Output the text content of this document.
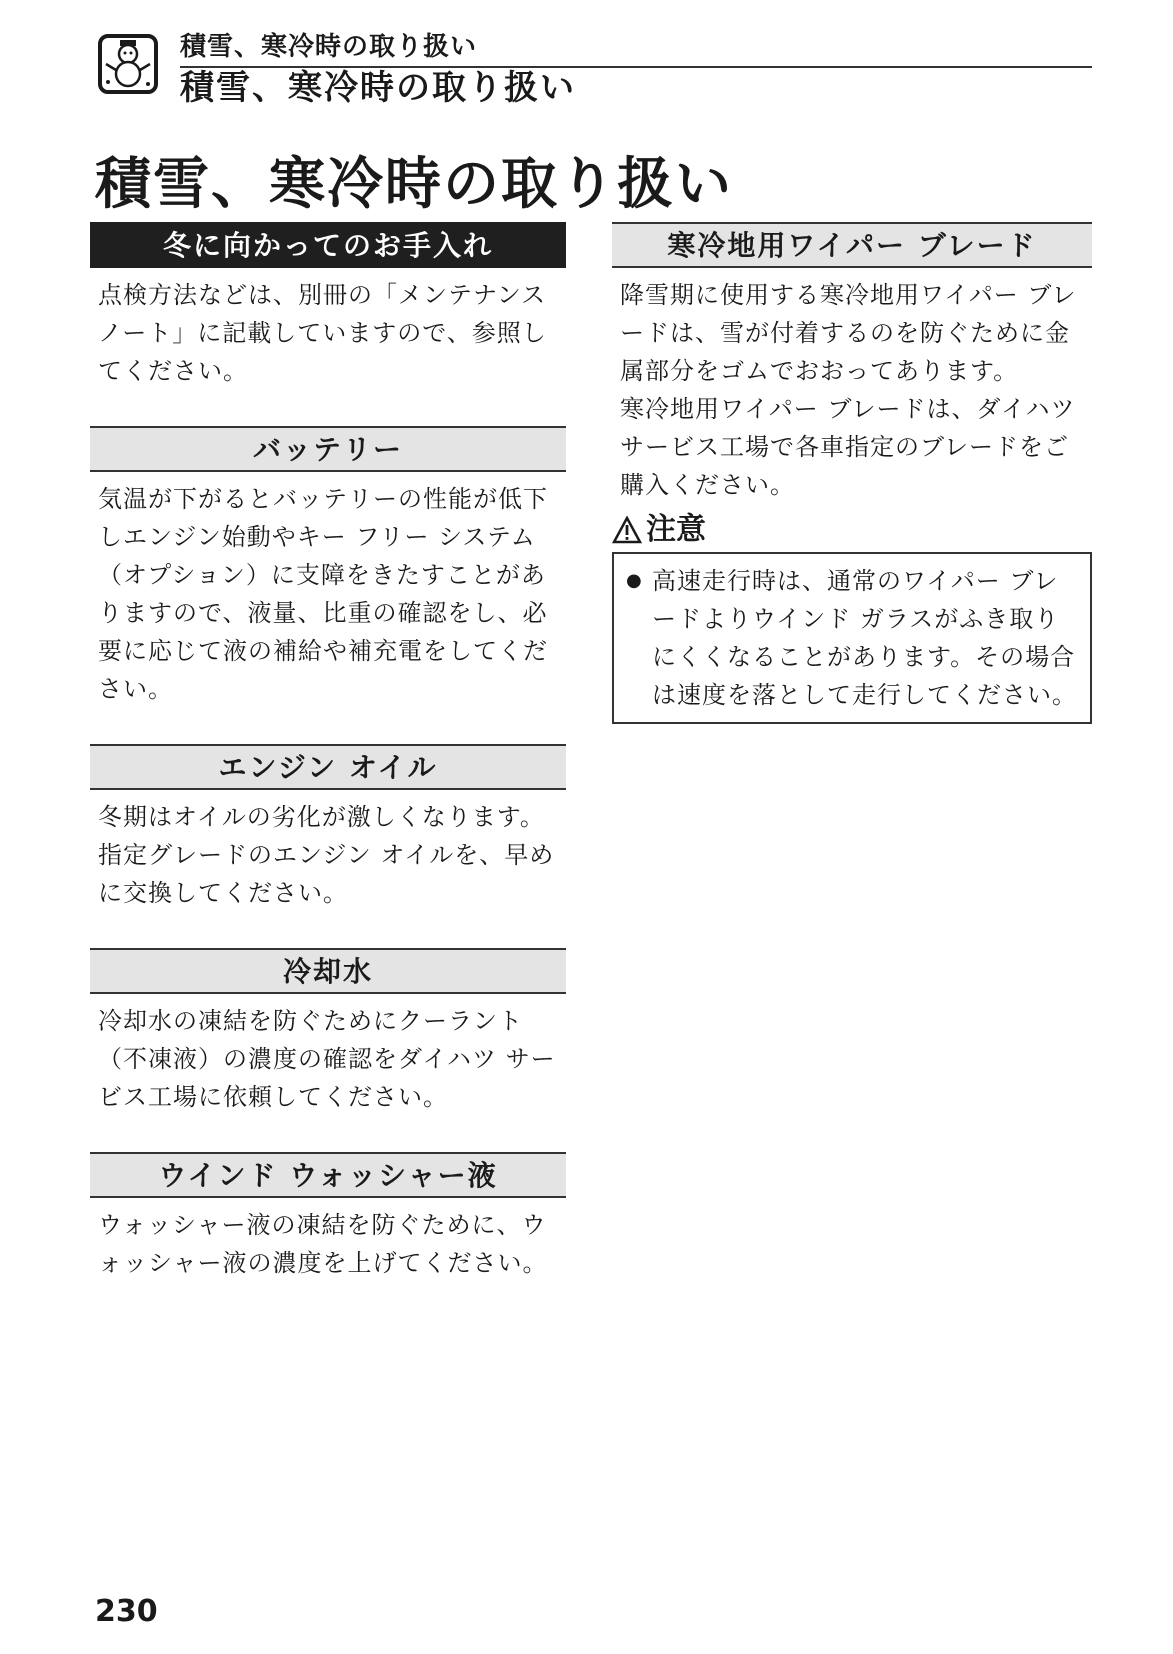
積雪、寒冷時の取り扱い
積雪、寒冷時の取り扱い
積雪、寒冷時の取り扱い
冬に向かってのお手入れ

点検方法などは、別冊の「メンテナンス

ノート」に記載していますので、参照し

てください。

バッテリー

気温が下がるとバッテリーの性能が低下

しエンジン始動やキー フリー システム

（オプション）に支障をきたすことがあ

りますので、液量、比重の確認をし、必

要に応じて液の補給や補充電をしてくだ

さい。

エンジン オイル

冬期はオイルの劣化が激しくなります。

指定グレードのエンジン オイルを、早め

に交換してください。

冷却水

冷却水の凍結を防ぐためにクーラント

（不凍液）の濃度の確認をダイハツ サー

ビス工場に依頼してください。

ウインド ウォッシャー液

ウォッシャー液の凍結を防ぐために、ウ

ォッシャー液の濃度を上げてください。

寒冷地用ワイパー ブレード

降雪期に使用する寒冷地用ワイパー ブレ

ードは、雪が付着するのを防ぐために金

属部分をゴムでおおってあります。

寒冷地用ワイパー ブレードは、ダイハツ

サービス工場で各車指定のブレードをご

購入ください。

注意
● 高速走行時は、通常のワイパー ブレ
ードよりウインド ガラスがふき取り
にくくなることがあります。その場合
は速度を落として走行してください。
230
